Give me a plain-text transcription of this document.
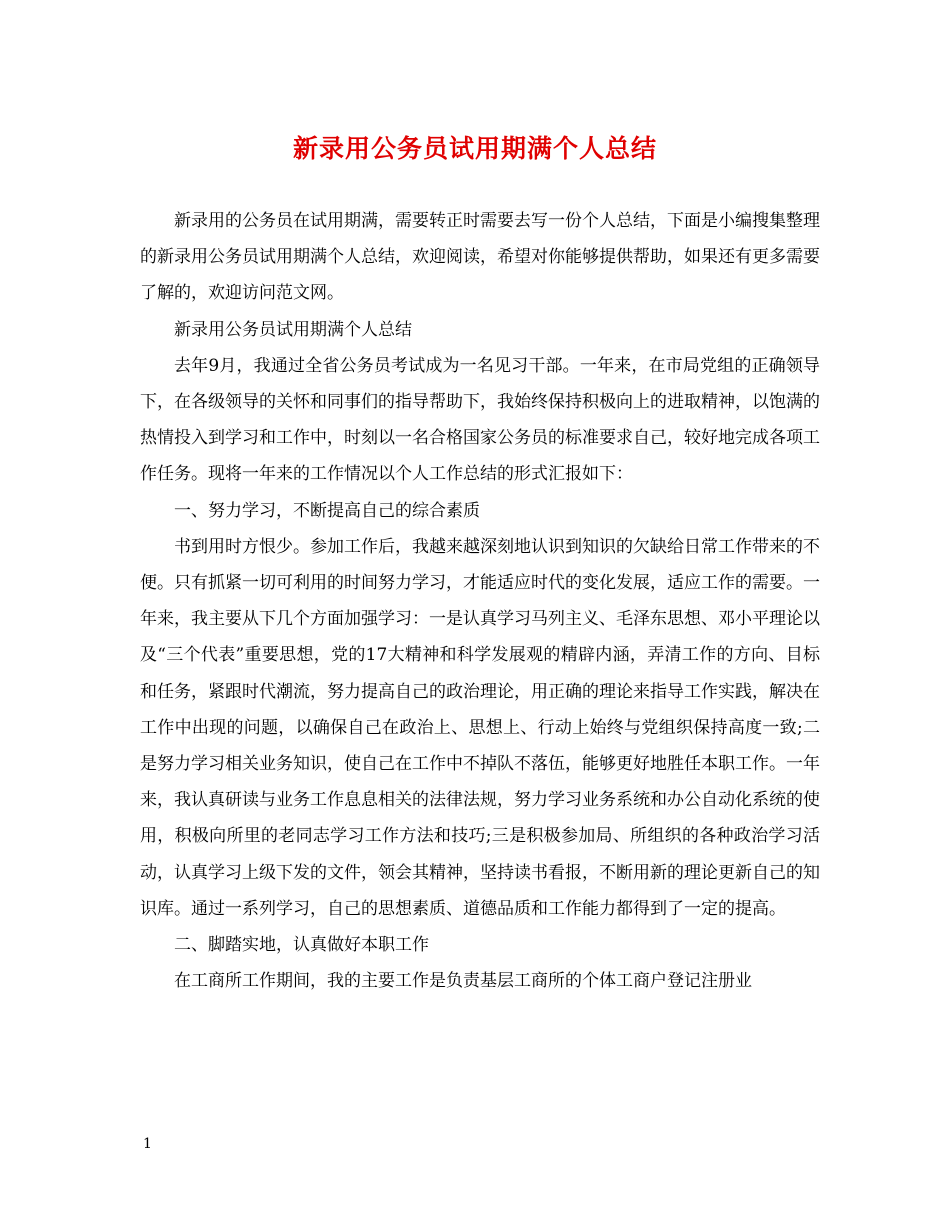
新录用公务员试用期满个人总结

新录用的公务员在试用期满，需要转正时需要去写一份个人总结，下面是小编搜集整理的新录用公务员试用期满个人总结，欢迎阅读，希望对你能够提供帮助，如果还有更多需要了解的，欢迎访问范文网。

新录用公务员试用期满个人总结

去年9月，我通过全省公务员考试成为一名见习干部。一年来，在市局党组的正确领导下，在各级领导的关怀和同事们的指导帮助下，我始终保持积极向上的进取精神，以饱满的热情投入到学习和工作中，时刻以一名合格国家公务员的标准要求自己，较好地完成各项工作任务。现将一年来的工作情况以个人工作总结的形式汇报如下：

一、努力学习，不断提高自己的综合素质

书到用时方恨少。参加工作后，我越来越深刻地认识到知识的欠缺给日常工作带来的不便。只有抓紧一切可利用的时间努力学习，才能适应时代的变化发展，适应工作的需要。一年来，我主要从下几个方面加强学习：一是认真学习马列主义、毛泽东思想、邓小平理论以及“三个代表”重要思想，党的17大精神和科学发展观的精辟内涵，弄清工作的方向、目标和任务，紧跟时代潮流，努力提高自己的政治理论，用正确的理论来指导工作实践，解决在工作中出现的问题，以确保自己在政治上、思想上、行动上始终与党组织保持高度一致;二是努力学习相关业务知识，使自己在工作中不掉队不落伍，能够更好地胜任本职工作。一年来，我认真研读与业务工作息息相关的法律法规，努力学习业务系统和办公自动化系统的使用，积极向所里的老同志学习工作方法和技巧;三是积极参加局、所组织的各种政治学习活动，认真学习上级下发的文件，领会其精神，坚持读书看报，不断用新的理论更新自己的知识库。通过一系列学习，自己的思想素质、道德品质和工作能力都得到了一定的提高。

二、脚踏实地，认真做好本职工作

在工商所工作期间，我的主要工作是负责基层工商所的个体工商户登记注册业

1
